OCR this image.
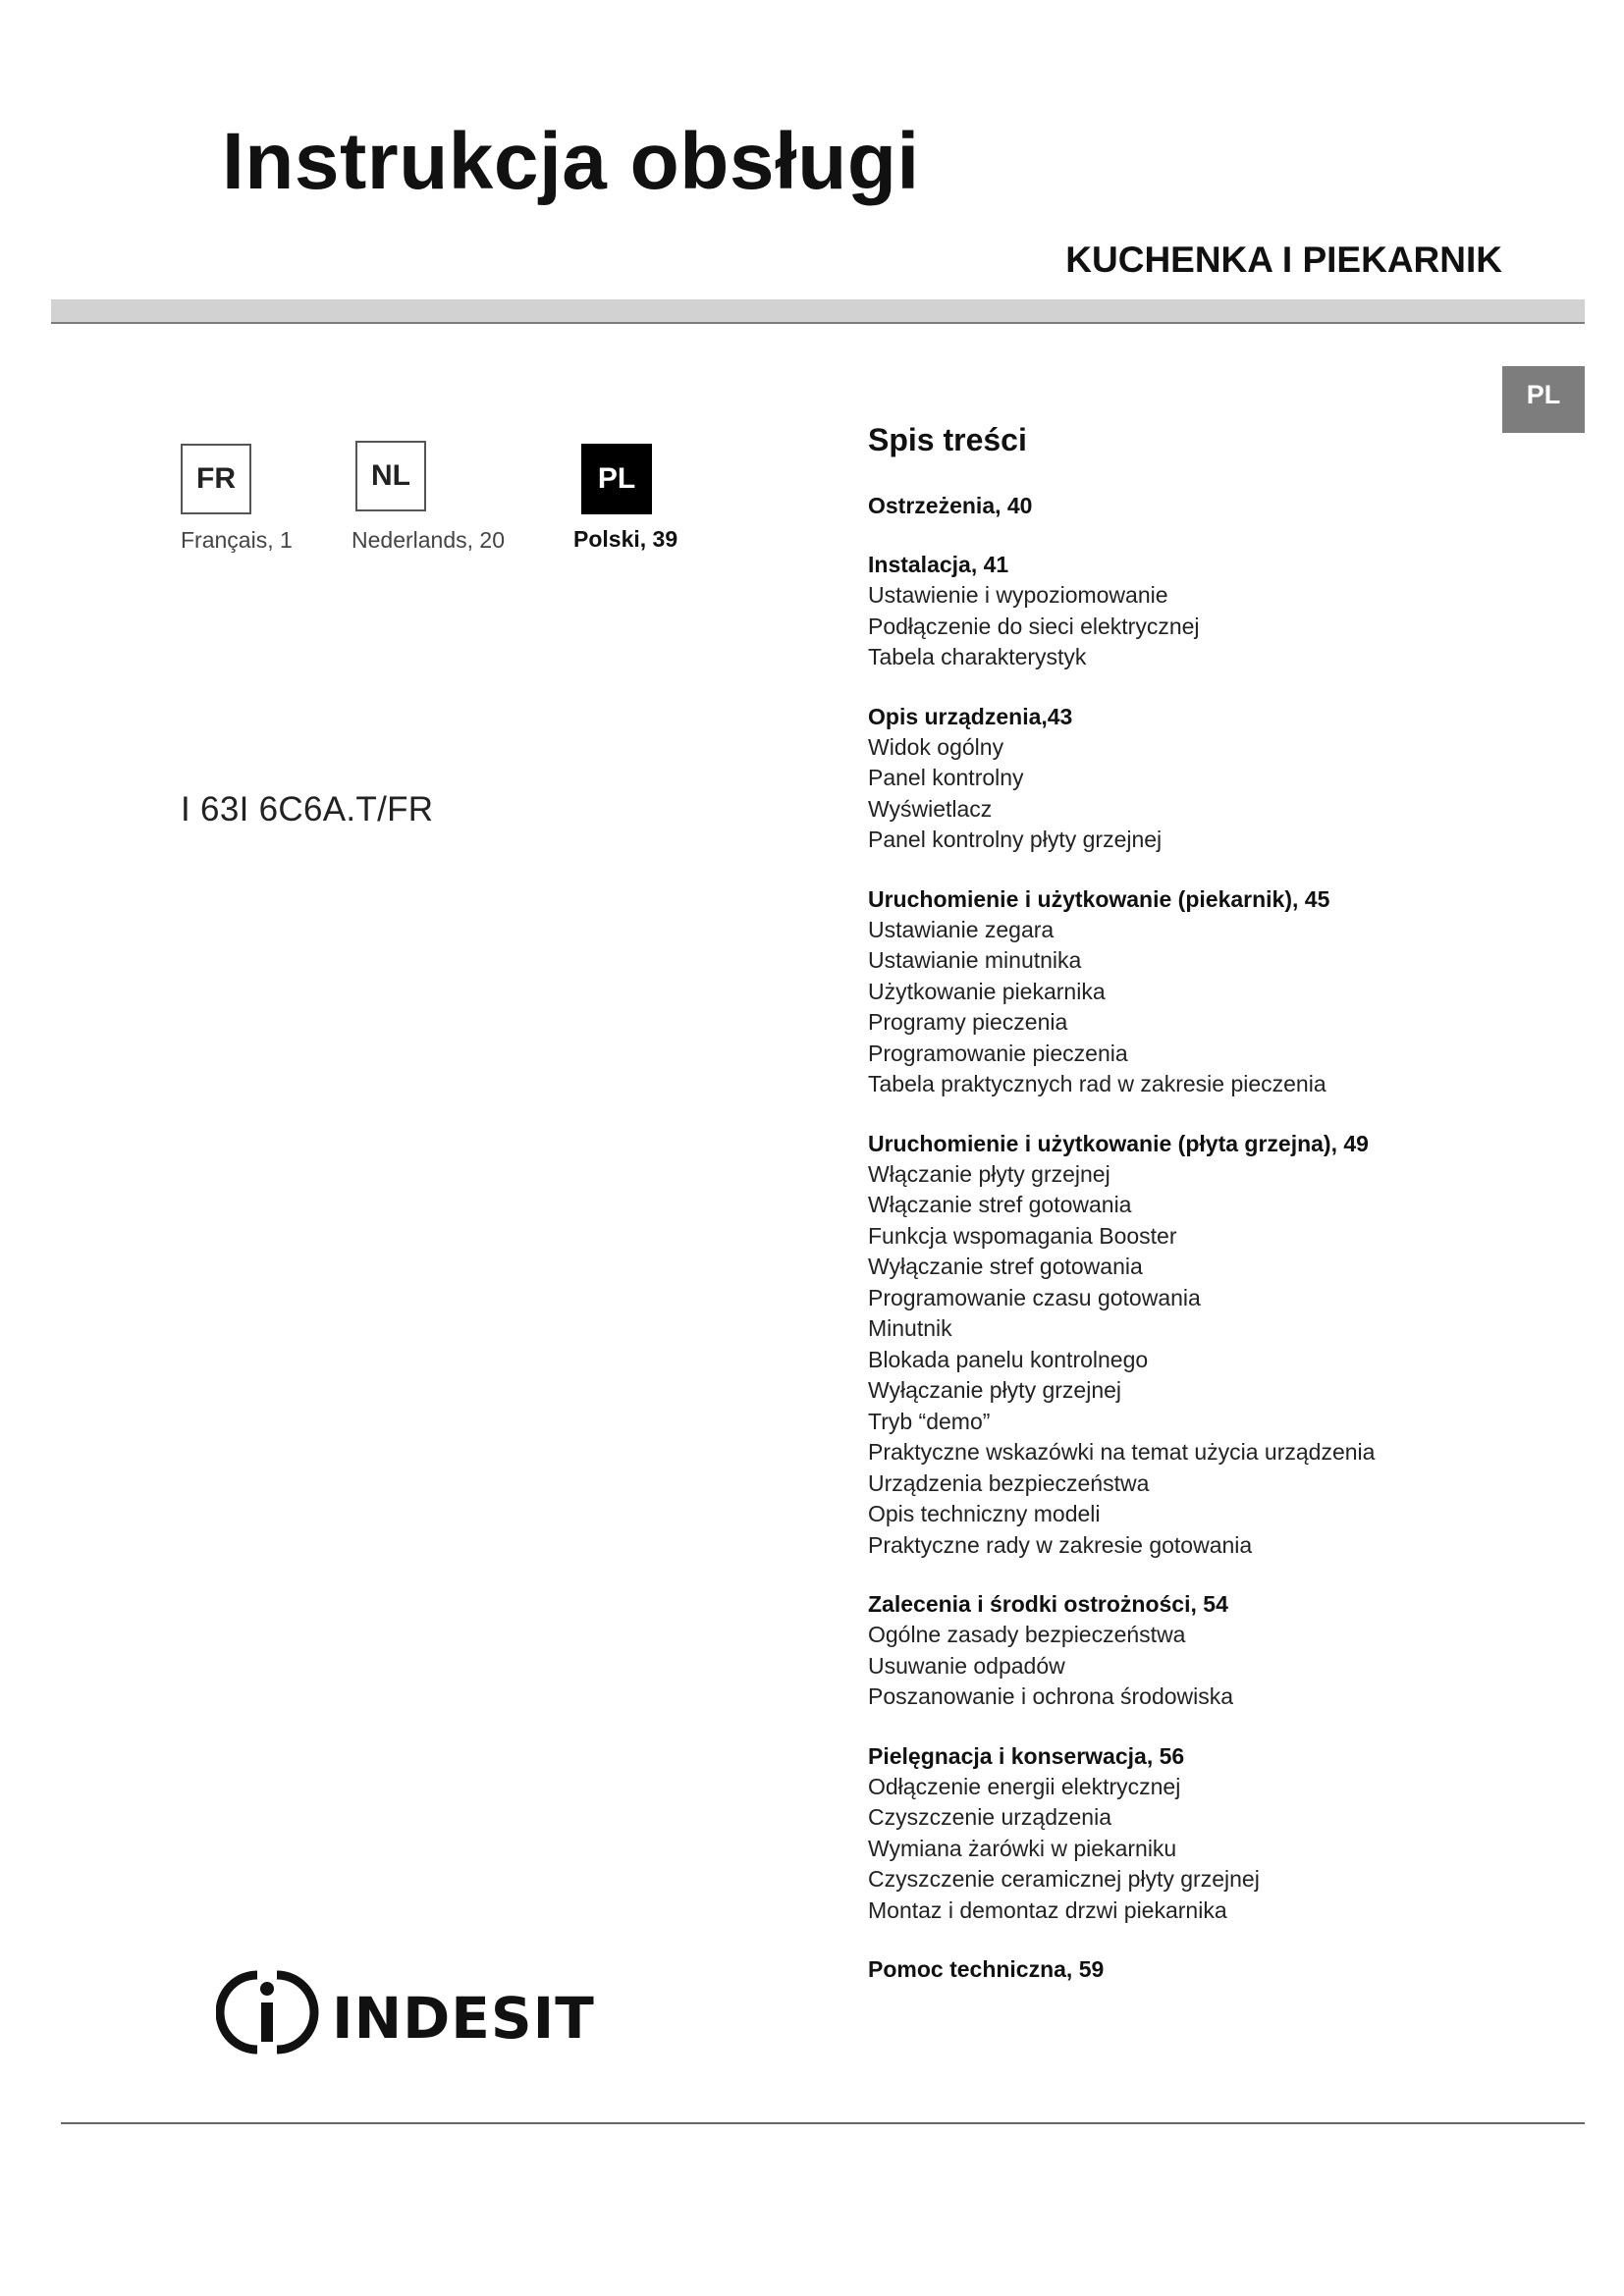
Instrukcja obsługi
KUCHENKA I PIEKARNIK
PL
FR	NL	PL
Français, 1	Nederlands, 20	Polski, 39
I 63I 6C6A.T/FR
Spis treści
Ostrzeżenia, 40
Instalacja, 41
Ustawienie i wypoziomowanie
Podłączenie do sieci elektrycznej
Tabela charakterystyk
Opis urządzenia,43
Widok ogólny
Panel kontrolny
Wyświetlacz
Panel kontrolny płyty grzejnej
Uruchomienie i użytkowanie (piekarnik), 45
Ustawianie zegara
Ustawianie minutnika
Użytkowanie piekarnika
Programy pieczenia
Programowanie pieczenia
Tabela praktycznych rad w zakresie pieczenia
Uruchomienie i użytkowanie (płyta grzejna), 49
Włączanie płyty grzejnej
Włączanie stref gotowania
Funkcja wspomagania Booster
Wyłączanie stref gotowania
Programowanie czasu gotowania
Minutnik
Blokada panelu kontrolnego
Wyłączanie płyty grzejnej
Tryb “demo”
Praktyczne wskazówki na temat użycia urządzenia
Urządzenia bezpieczeństwa
Opis techniczny modeli
Praktyczne rady w zakresie gotowania
Zalecenia i środki ostrożności, 54
Ogólne zasady bezpieczeństwa
Usuwanie odpadów
Poszanowanie i ochrona środowiska
Pielęgnacja i konserwacja, 56
Odłączenie energii elektrycznej
Czyszczenie urządzenia
Wymiana żarówki w piekarniku
Czyszczenie ceramicznej płyty grzejnej
Montaz i demontaz drzwi piekarnika
Pomoc techniczna, 59
INDESIT
